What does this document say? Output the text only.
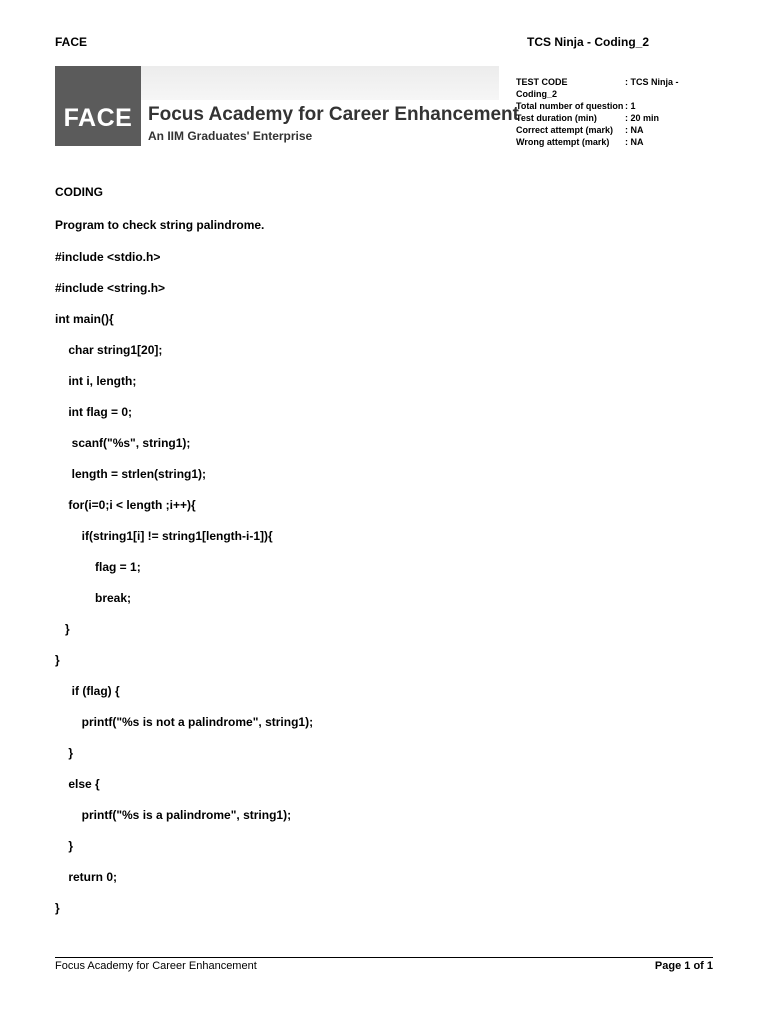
FACE	TCS Ninja - Coding_2
FACE Focus Academy for Career Enhancement
An IIM Graduates' Enterprise
TEST CODE	: TCS Ninja -
Coding_2
Total number of question : 1
Test duration (min)	: 20 min
Correct attempt (mark)	: NA
Wrong attempt (mark)	: NA
CODING
Program to check string palindrome.
#include <stdio.h>
#include <string.h>
int main(){
char string1[20];
int i, length;
int flag = 0;
scanf("%s", string1);
length = strlen(string1);
for(i=0;i < length ;i++){
if(string1[i] != string1[length-i-1]){
flag = 1;
break;
}
}
if (flag) {
printf("%s is not a palindrome", string1);
}
else {
printf("%s is a palindrome", string1);
}
return 0;
}
Focus Academy for Career Enhancement	Page 1 of 1
